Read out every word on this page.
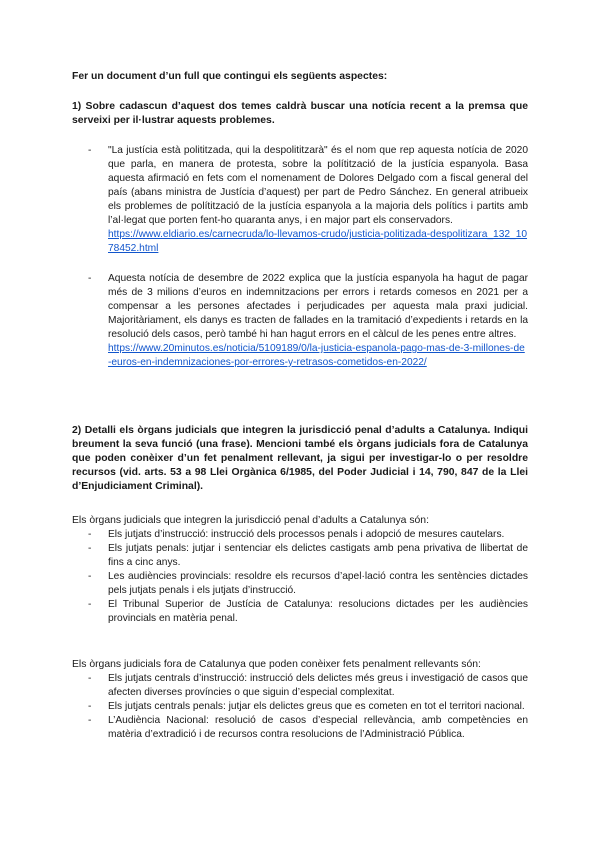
Fer un document d’un full que contingui els següents aspectes:
1) Sobre cadascun d’aquest dos temes caldrà buscar una notícia recent a la premsa que serveixi per il·lustrar aquests problemes.
- "La justícia està polititzada, qui la despolititzarà" és el nom que rep aquesta notícia de 2020 que parla, en manera de protesta, sobre la polítització de la justícia espanyola. Basa aquesta afirmació en fets com el nomenament de Dolores Delgado com a fiscal general del país (abans ministra de Justícia d’aquest) per part de Pedro Sánchez. En general atribueix els problemes de polítització de la justícia espanyola a la majoria dels polítics i partits amb l’al·legat que porten fent-ho quaranta anys, i en major part els conservadors.
https://www.eldiario.es/carnecruda/lo-llevamos-crudo/justicia-politizada-despolitizara_132_1078452.html
- Aquesta notícia de desembre de 2022 explica que la justícia espanyola ha hagut de pagar més de 3 milions d’euros en indemnitzacions per errors i retards comesos en 2021 per a compensar a les persones afectades i perjudicades per aquesta mala praxi judicial. Majoritàriament, els danys es tracten de fallades en la tramitació d’expedients i retards en la resolució dels casos, però també hi han hagut errors en el càlcul de les penes entre altres.
https://www.20minutos.es/noticia/5109189/0/la-justicia-espanola-pago-mas-de-3-millones-de-euros-en-indemnizaciones-por-errores-y-retrasos-cometidos-en-2022/
2) Detalli els òrgans judicials que integren la jurisdicció penal d’adults a Catalunya. Indiqui breument la seva funció (una frase). Mencioni també els òrgans judicials fora de Catalunya que poden conèixer d’un fet penalment rellevant, ja sigui per investigar-lo o per resoldre recursos (vid. arts. 53 a 98 Llei Orgànica 6/1985, del Poder Judicial i 14, 790, 847 de la Llei d’Enjudiciament Criminal).
Els òrgans judicials que integren la jurisdicció penal d’adults a Catalunya són:
- Els jutjats d’instrucció: instrucció dels processos penals i adopció de mesures cautelars.
- Els jutjats penals: jutjar i sentenciar els delictes castigats amb pena privativa de llibertat de fins a cinc anys.
- Les audiències provincials: resoldre els recursos d’apel·lació contra les sentències dictades pels jutjats penals i els jutjats d’instrucció.
- El Tribunal Superior de Justícia de Catalunya: resolucions dictades per les audiències provincials en matèria penal.
Els òrgans judicials fora de Catalunya que poden conèixer fets penalment rellevants són:
- Els jutjats centrals d’instrucció: instrucció dels delictes més greus i investigació de casos que afecten diverses províncies o que siguin d’especial complexitat.
- Els jutjats centrals penals: jutjar els delictes greus que es cometen en tot el territori nacional.
- L’Audiència Nacional: resolució de casos d’especial rellevància, amb competències en matèria d’extradició i de recursos contra resolucions de l’Administració Pública.
